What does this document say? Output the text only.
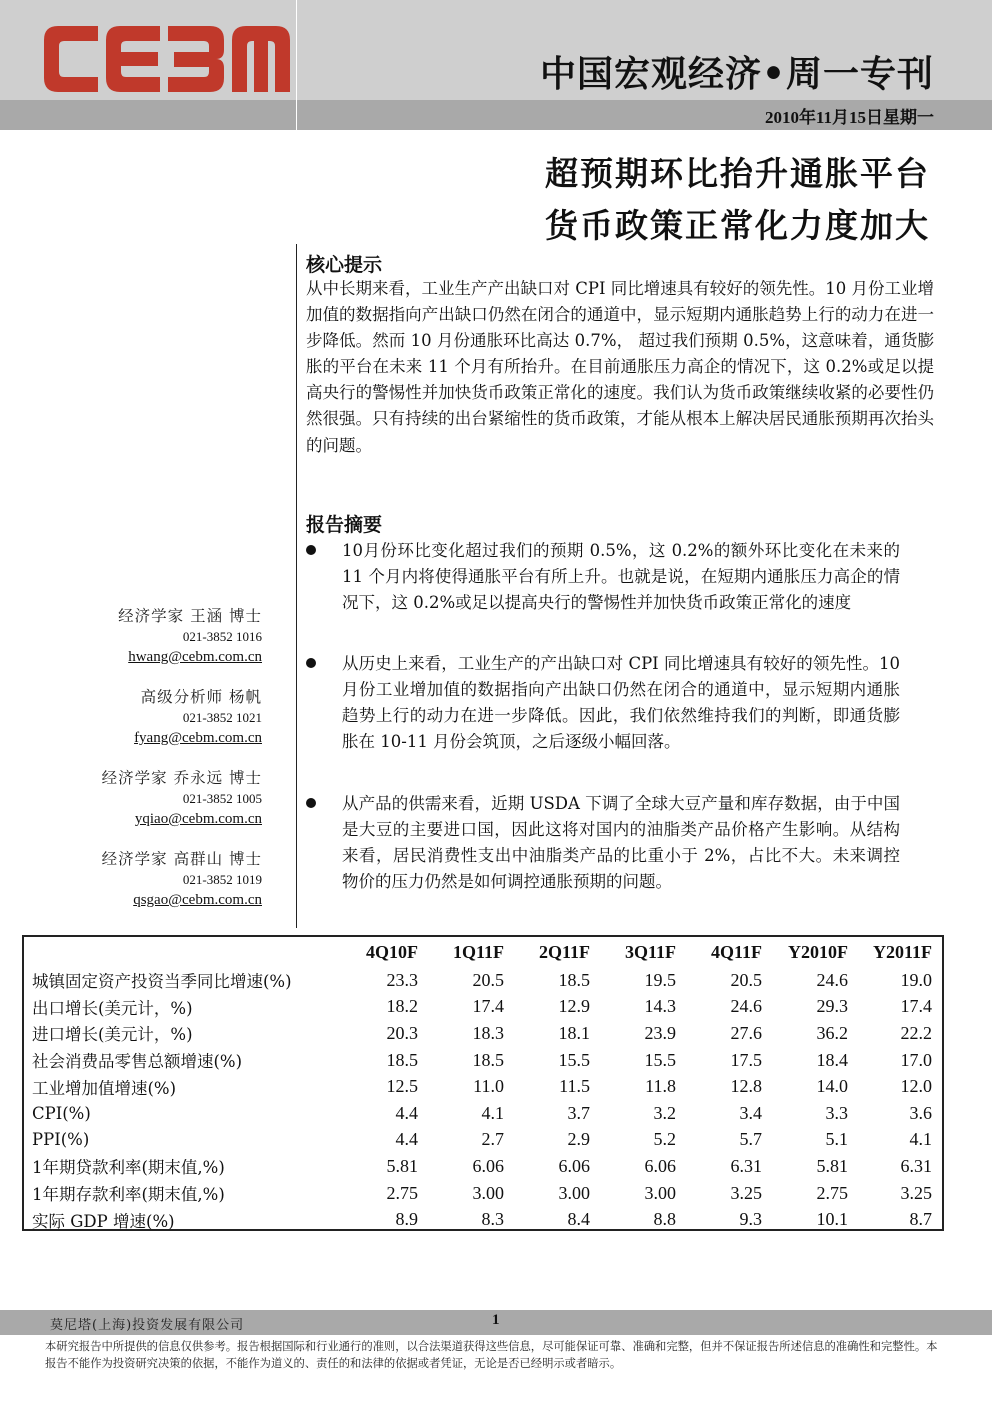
中国宏观经济•周一专刊
2010年11月15日星期一
超预期环比抬升通胀平台
货币政策正常化力度加大
核心提示
从中长期来看，工业生产产出缺口对 CPI 同比增速具有较好的领先性。10 月份工业增加值的数据指向产出缺口仍然在闭合的通道中，显示短期内通胀趋势上行的动力在进一步降低。然而 10 月份通胀环比高达 0.7%， 超过我们预期 0.5%，这意味着，通货膨胀的平台在未来 11 个月有所抬升。在目前通胀压力高企的情况下，这 0.2%或足以提高央行的警惕性并加快货币政策正常化的速度。我们认为货币政策继续收紧的必要性仍然很强。只有持续的出台紧缩性的货币政策，才能从根本上解决居民通胀预期再次抬头的问题。
报告摘要
10月份环比变化超过我们的预期 0.5%，这 0.2%的额外环比变化在未来的 11 个月内将使得通胀平台有所上升。也就是说，在短期内通胀压力高企的情况下，这 0.2%或足以提高央行的警惕性并加快货币政策正常化的速度
从历史上来看，工业生产的产出缺口对 CPI 同比增速具有较好的领先性。10 月份工业增加值的数据指向产出缺口仍然在闭合的通道中，显示短期内通胀趋势上行的动力在进一步降低。因此，我们依然维持我们的判断，即通货膨胀在 10-11 月份会筑顶，之后逐级小幅回落。
从产品的供需来看，近期 USDA 下调了全球大豆产量和库存数据，由于中国是大豆的主要进口国，因此这将对国内的油脂类产品价格产生影响。从结构来看，居民消费性支出中油脂类产品的比重小于 2%，占比不大。未来调控物价的压力仍然是如何调控通胀预期的问题。
经济学家 王涵 博士
021-3852 1016
hwang@cebm.com.cn
高级分析师 杨帆
021-3852 1021
fyang@cebm.com.cn
经济学家 乔永远 博士
021-3852 1005
yqiao@cebm.com.cn
经济学家 高群山 博士
021-3852 1019
qsgao@cebm.com.cn
	4Q10F	1Q11F	2Q11F	3Q11F	4Q11F	Y2010F	Y2011F
城镇固定资产投资当季同比增速(%)	23.3	20.5	18.5	19.5	20.5	24.6	19.0
出口增长(美元计，%)	18.2	17.4	12.9	14.3	24.6	29.3	17.4
进口增长(美元计，%)	20.3	18.3	18.1	23.9	27.6	36.2	22.2
社会消费品零售总额增速(%)	18.5	18.5	15.5	15.5	17.5	18.4	17.0
工业增加值增速(%)	12.5	11.0	11.5	11.8	12.8	14.0	12.0
CPI(%)	4.4	4.1	3.7	3.2	3.4	3.3	3.6
PPI(%)	4.4	2.7	2.9	5.2	5.7	5.1	4.1
1年期贷款利率(期末值,%)	5.81	6.06	6.06	6.06	6.31	5.81	6.31
1年期存款利率(期末值,%)	2.75	3.00	3.00	3.00	3.25	2.75	3.25
实际 GDP 增速(%)	8.9	8.3	8.4	8.8	9.3	10.1	8.7
莫尼塔(上海)投资发展有限公司	1
本研究报告中所提供的信息仅供参考。报告根据国际和行业通行的准则，以合法渠道获得这些信息，尽可能保证可靠、准确和完整，但并不保证报告所述信息的准确性和完整性。本报告不能作为投资研究决策的依据，不能作为道义的、责任的和法律的依据或者凭证，无论是否已经明示或者暗示。
